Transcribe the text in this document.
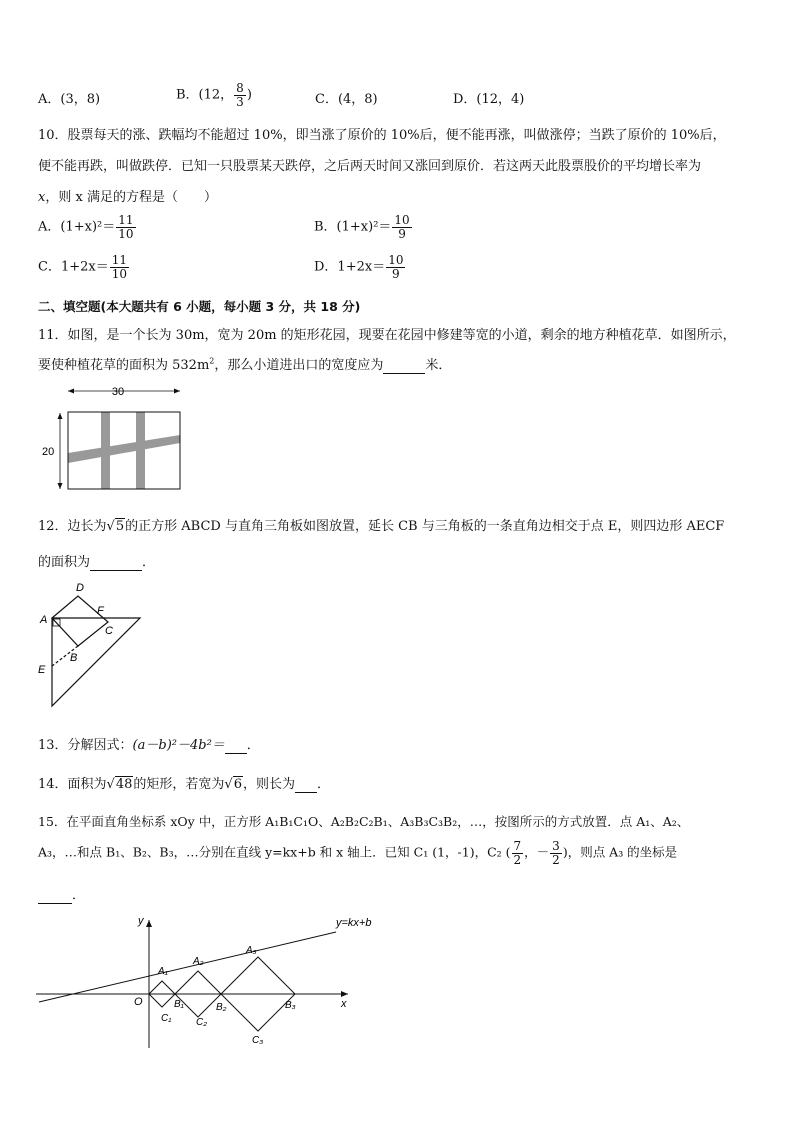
A．(3，8)	B．(12， $\frac{8}{3}$ )	C．(4，8)	D．(12，4)
10．股票每天的涨、跌幅均不能超过 10%，即当涨了原价的 10%后，便不能再涨，叫做涨停；当跌了原价的 10%后，
便不能再跌，叫做跌停．已知一只股票某天跌停，之后两天时间又涨回到原价．若这两天此股票股价的平均增长率为
x，则 x 满足的方程是（　　）
A．$(1+x)^2= \frac{11}{10}$	B．$(1+x)^2= \frac{10}{9}$
C．$1+2x= \frac{11}{10}$	D．$1+2x= \frac{10}{9}$
二、填空题(本大题共有 6 小题，每小题 3 分，共 18 分)
11．如图，是一个长为 30m，宽为 20m 的矩形花园，现要在花园中修建等宽的小道，剩余的地方种植花草．如图所示，
要使种植花草的面积为 $532m^2$，那么小道进出口的宽度应为	米．
30
20
12．边长为√5的正方形 ABCD 与直角三角板如图放置，延长 CB 与三角板的一条直角边相交于点 E，则四边形 AECF
的面积为	．
D
F
A
C
B
E
13．分解因式：(a－b)²－4b²＝ ．
14．面积为√48的矩形，若宽为√6，则长为 ．
15．在平面直角坐标系 xOy 中，正方形 A₁B₁C₁O、A₂B₂C₂B₁、A₃B₃C₃B₂，…，按图所示的方式放置．点 A₁、A₂、
A₃，…和点 B₁、B₂、B₃，…分别在直线 y=kx+b 和 x 轴上．已知 C₁ (1，-1)，C₂ ( $\frac{7}{2}$ ，－ $\frac{3}{2}$ )，则点 A₃ 的坐标是
．
y
x
y=kx+b
O
A₁
A₂
A₃
B₁	B₂	B₃
C₁ C₂
C₃
